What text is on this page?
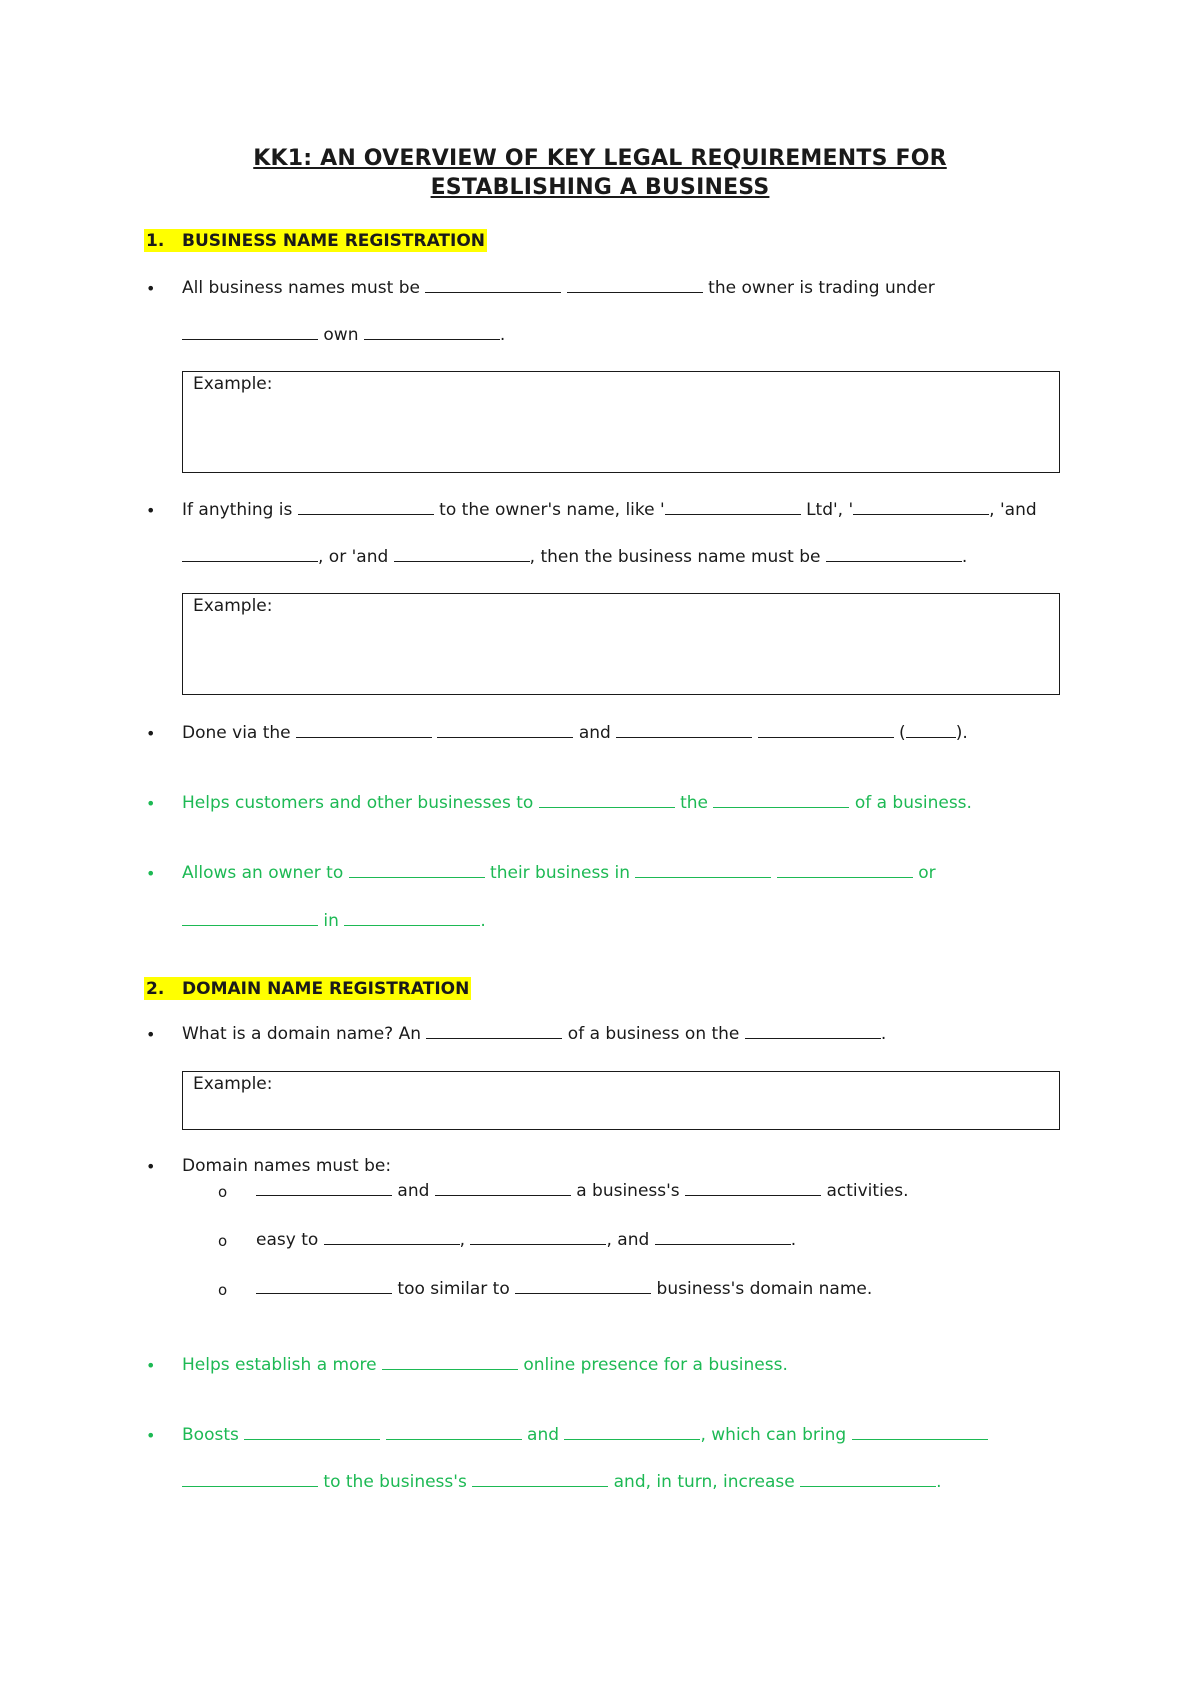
KK1: AN OVERVIEW OF KEY LEGAL REQUIREMENTS FOR
ESTABLISHING A BUSINESS
1.   BUSINESS NAME REGISTRATION
• All business names must be	the owner is trading under
own	.
Example:
• If anything is	to the owner's name, like '	Ltd', '	, 'and
, or 'and	, then the business name must be	.
Example:
• Done via the	and	(	).
• Helps customers and other businesses to	the	of a business.
• Allows an owner to	their business in	or
in	.
2.   DOMAIN NAME REGISTRATION
• What is a domain name? An	of a business on the	.
Example:
• Domain names must be:
o	and	a business's	activities.
o easy to	,	, and	.
o	too similar to	business's domain name.
• Helps establish a more	online presence for a business.
• Boosts	and	, which can bring
to the business's	and, in turn, increase	.
